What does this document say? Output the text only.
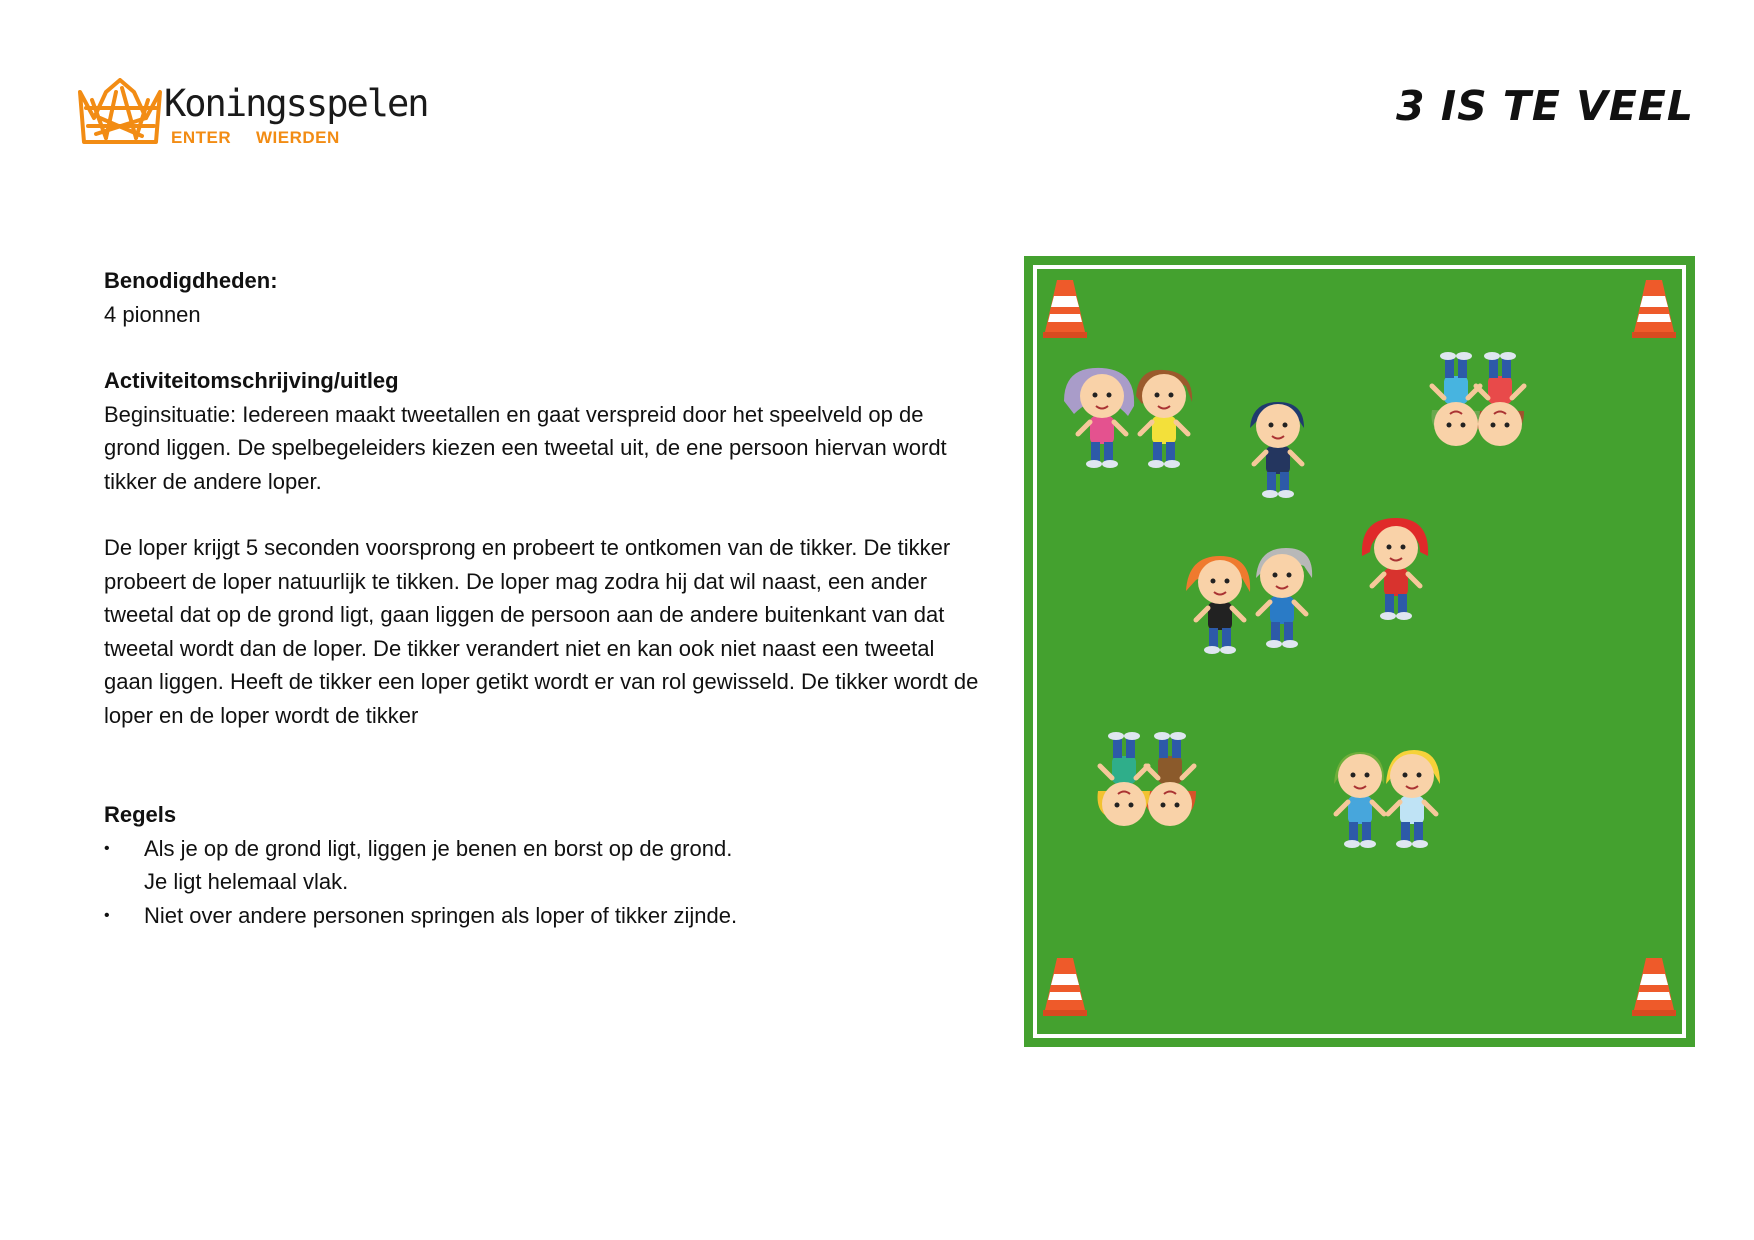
Koningsspelen
ENTER WIERDEN
3 IS TE VEEL

Benodigdheden:

4 pionnen

Activiteitomschrijving/uitleg

Beginsituatie: Iedereen maakt tweetallen en gaat verspreid door het speelveld op de grond liggen. De spelbegeleiders kiezen een tweetal uit, de ene persoon hiervan wordt tikker de andere loper.

De loper krijgt 5 seconden voorsprong en probeert te ontkomen van de tikker. De tikker probeert de loper natuurlijk te tikken. De loper mag zodra hij dat wil naast, een ander tweetal dat op de grond ligt, gaan liggen de persoon aan de andere buitenkant van dat tweetal wordt dan de loper. De tikker verandert niet en kan ook niet naast een tweetal gaan liggen. Heeft de tikker een loper getikt wordt er van rol gewisseld. De tikker wordt de loper en de loper wordt de tikker

Regels

• Als je op de grond ligt, liggen je benen en borst op de grond.
Je ligt helemaal vlak.
• Niet over andere personen springen als loper of tikker zijnde.
